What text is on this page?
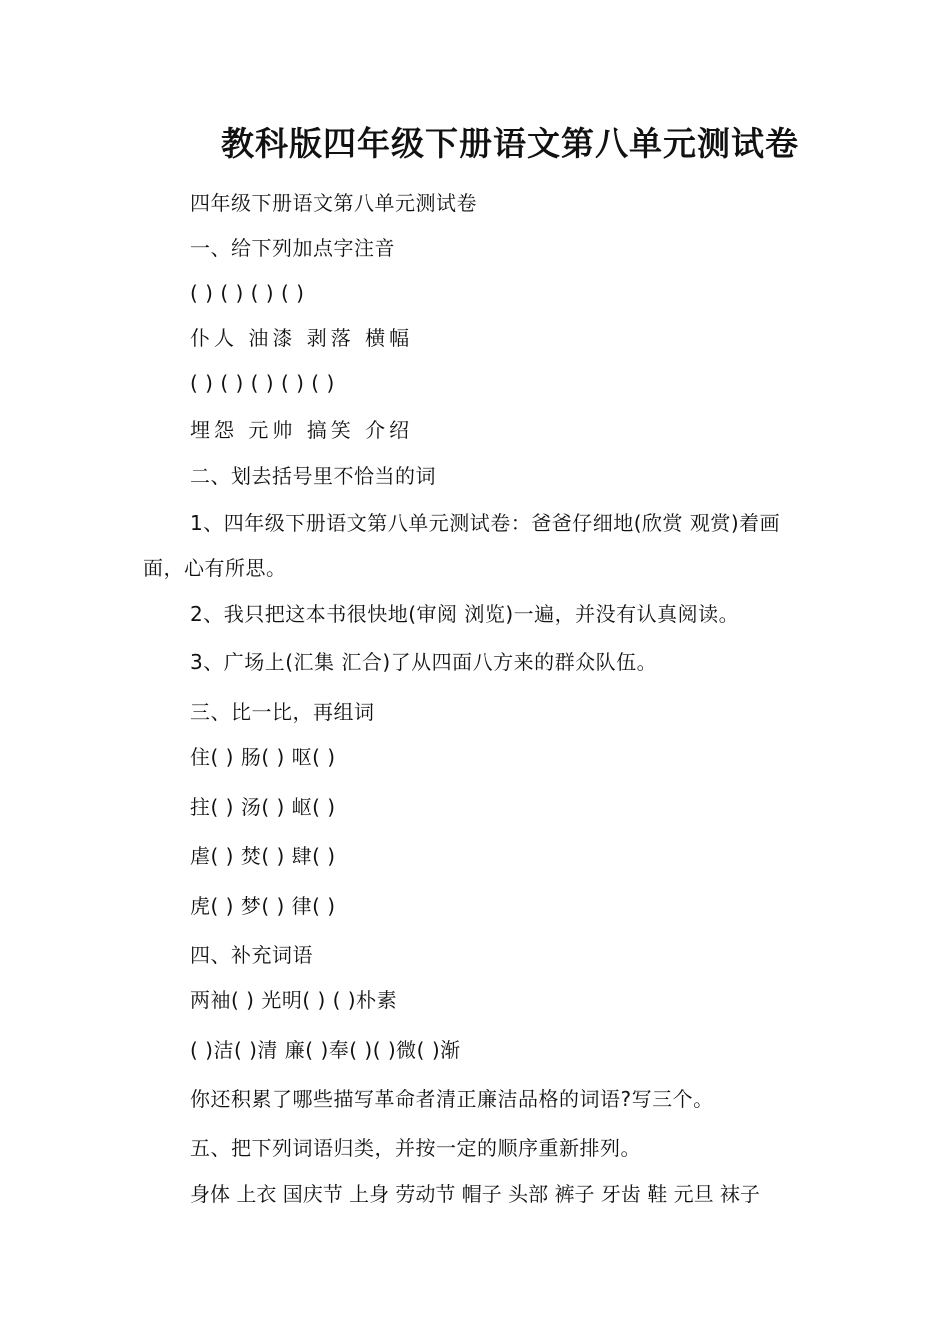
教科版四年级下册语文第八单元测试卷
四年级下册语文第八单元测试卷
一、给下列加点字注音
( ) ( ) ( ) ( )
仆人 油漆 剥落 横幅
( ) ( ) ( ) ( ) ( )
埋怨 元帅 搞笑 介绍
二、划去括号里不恰当的词
1、四年级下册语文第八单元测试卷：爸爸仔细地(欣赏 观赏)着画
面，心有所思。
2、我只把这本书很快地(审阅 浏览)一遍，并没有认真阅读。
3、广场上(汇集 汇合)了从四面八方来的群众队伍。
三、比一比，再组词
住( ) 肠( ) 呕( )
拄( ) 汤( ) 岖( )
虐( ) 焚( ) 肆( )
虎( ) 梦( ) 律( )
四、补充词语
两袖( ) 光明( ) ( )朴素
( )洁( )清 廉( )奉( )( )微( )渐
你还积累了哪些描写革命者清正廉洁品格的词语?写三个。
五、把下列词语归类，并按一定的顺序重新排列。
身体 上衣 国庆节 上身 劳动节 帽子 头部 裤子 牙齿 鞋 元旦 袜子
